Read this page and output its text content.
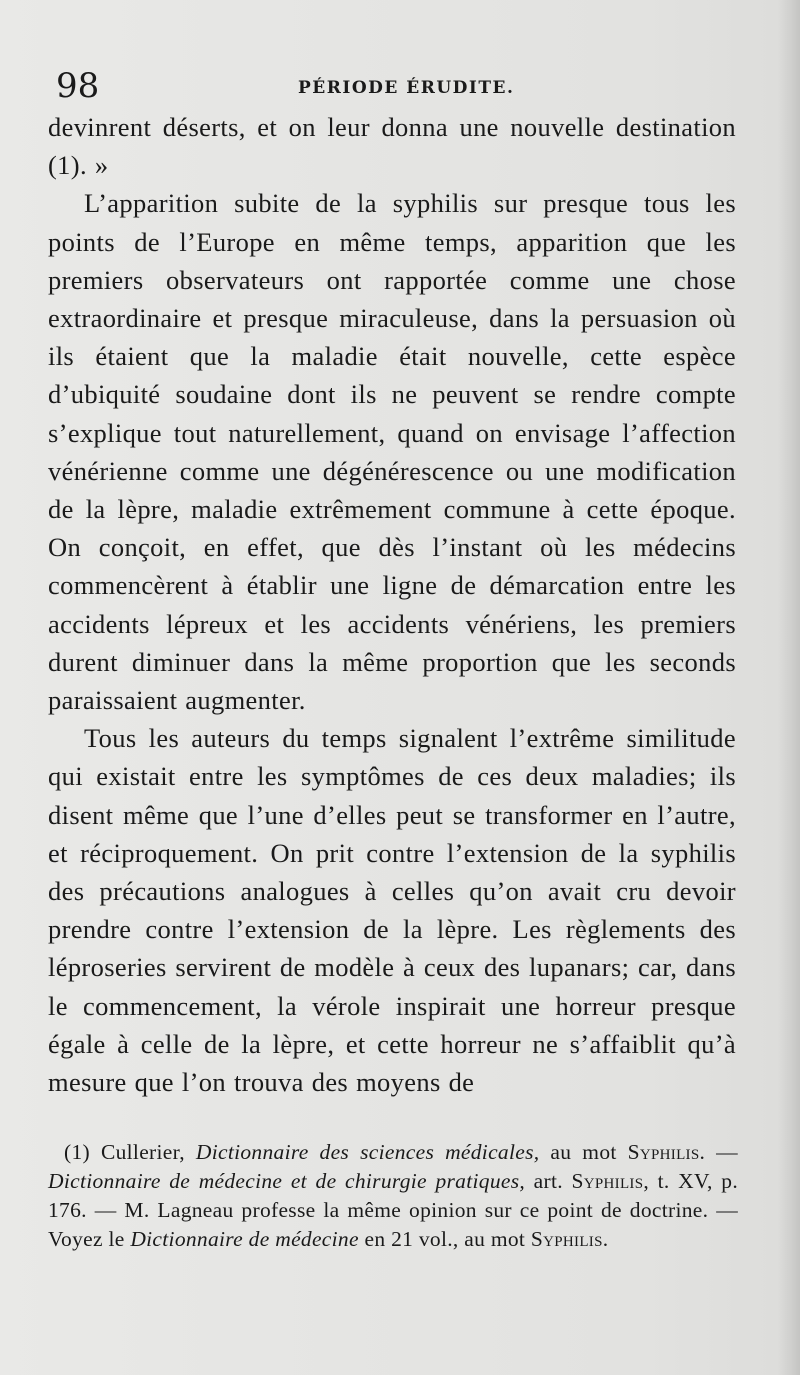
98	PÉRIODE ÉRUDITE.

devinrent déserts, et on leur donna une nouvelle destination (1). »

L’apparition subite de la syphilis sur presque tous les points de l’Europe en même temps, apparition que les premiers observateurs ont rapportée comme une chose extraordinaire et presque miraculeuse, dans la persuasion où ils étaient que la maladie était nouvelle, cette espèce d’ubiquité soudaine dont ils ne peuvent se rendre compte s’explique tout naturellement, quand on envisage l’affection vénérienne comme une dégénérescence ou une modification de la lèpre, maladie extrêmement commune à cette époque. On conçoit, en effet, que dès l’instant où les médecins commencèrent à établir une ligne de démarcation entre les accidents lépreux et les accidents vénériens, les premiers durent diminuer dans la même proportion que les seconds paraissaient augmenter.

Tous les auteurs du temps signalent l’extrême similitude qui existait entre les symptômes de ces deux maladies; ils disent même que l’une d’elles peut se transformer en l’autre, et réciproquement. On prit contre l’extension de la syphilis des précautions analogues à celles qu’on avait cru devoir prendre contre l’extension de la lèpre. Les règlements des léproseries servirent de modèle à ceux des lupanars; car, dans le commencement, la vérole inspirait une horreur presque égale à celle de la lèpre, et cette horreur ne s’affaiblit qu’à mesure que l’on trouva des moyens de

(1) Cullerier, Dictionnaire des sciences médicales, au mot Syphilis. — Dictionnaire de médecine et de chirurgie pratiques, art. Syphilis, t. XV, p. 176. — M. Lagneau professe la même opinion sur ce point de doctrine. — Voyez le Dictionnaire de médecine en 21 vol., au mot Syphilis.
